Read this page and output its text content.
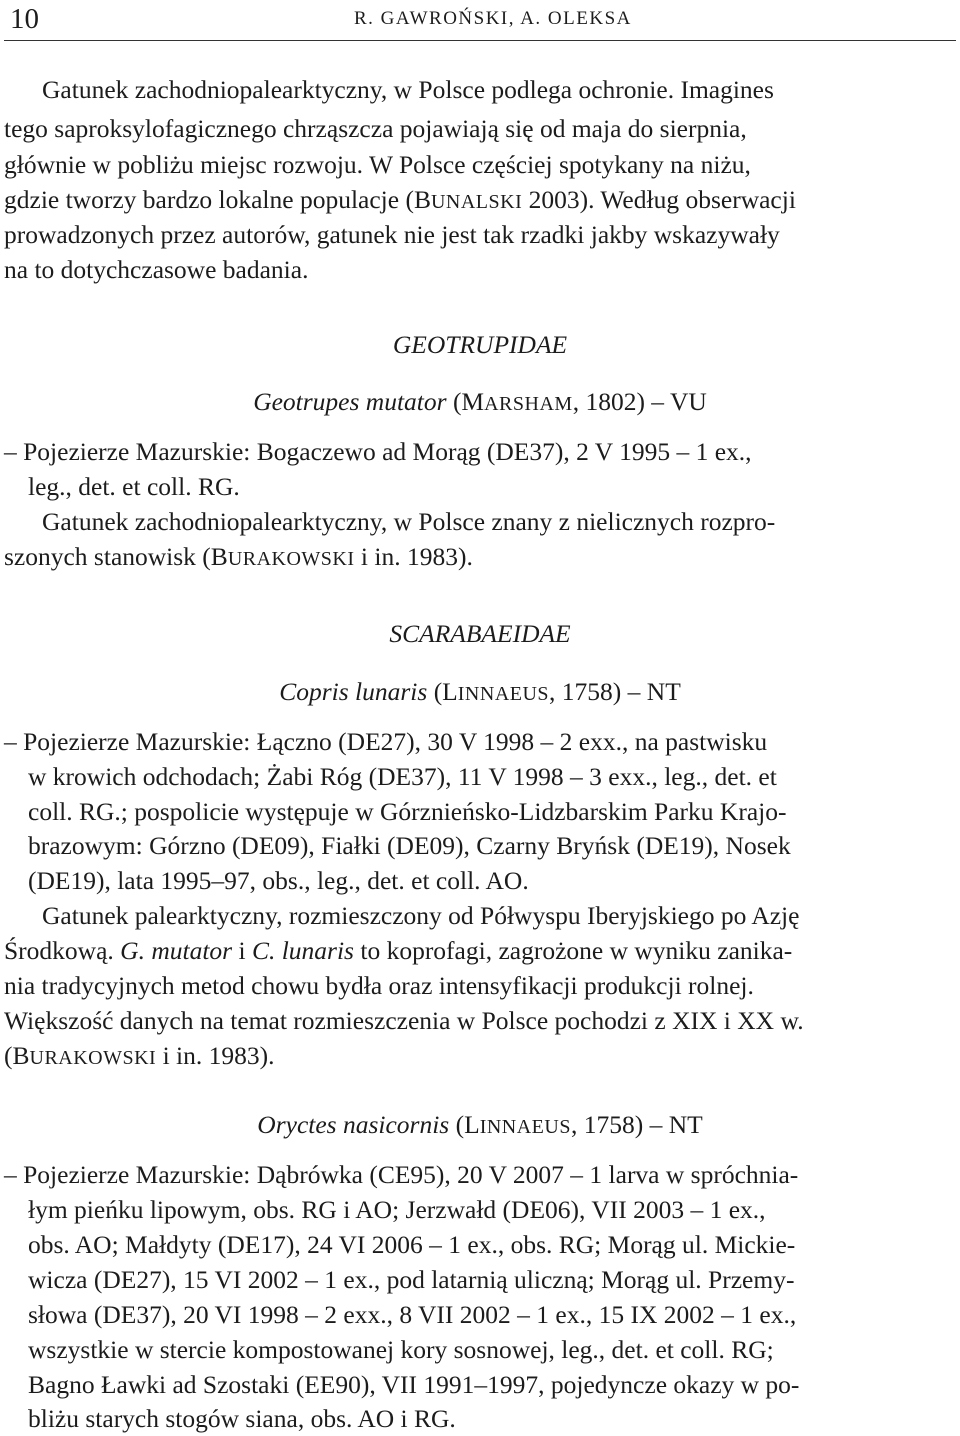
10	R. GAWROŃSKI, A. OLEKSA
Gatunek zachodniopalearktyczny, w Polsce podlega ochronie. Imagines
tego saproksylofagicznego chrząszcza pojawiają się od maja do sierpnia,
głównie w pobliżu miejsc rozwoju. W Polsce częściej spotykany na niżu,
gdzie tworzy bardzo lokalne populacje (BUNALSKI 2003). Według obserwacji
prowadzonych przez autorów, gatunek nie jest tak rzadki jakby wskazywały
na to dotychczasowe badania.
GEOTRUPIDAE
Geotrupes mutator (MARSHAM, 1802) – VU
– Pojezierze Mazurskie: Bogaczewo ad Morąg (DE37), 2 V 1995 – 1 ex.,
leg., det. et coll. RG.
Gatunek zachodniopalearktyczny, w Polsce znany z nielicznych rozpro-
szonych stanowisk (BURAKOWSKI i in. 1983).
SCARABAEIDAE
Copris lunaris (LINNAEUS, 1758) – NT
– Pojezierze Mazurskie: Łączno (DE27), 30 V 1998 – 2 exx., na pastwisku
w krowich odchodach; Żabi Róg (DE37), 11 V 1998 – 3 exx., leg., det. et
coll. RG.; pospolicie występuje w Górznieńsko-Lidzbarskim Parku Krajo-
brazowym: Górzno (DE09), Fiałki (DE09), Czarny Bryńsk (DE19), Nosek
(DE19), lata 1995–97, obs., leg., det. et coll. AO.
Gatunek palearktyczny, rozmieszczony od Półwyspu Iberyjskiego po Azję
Środkową. G. mutator i C. lunaris to koprofagi, zagrożone w wyniku zanika-
nia tradycyjnych metod chowu bydła oraz intensyfikacji produkcji rolnej.
Większość danych na temat rozmieszczenia w Polsce pochodzi z XIX i XX w.
(BURAKOWSKI i in. 1983).
Oryctes nasicornis (LINNAEUS, 1758) – NT
– Pojezierze Mazurskie: Dąbrówka (CE95), 20 V 2007 – 1 larva w spróchnia-
łym pieńku lipowym, obs. RG i AO; Jerzwałd (DE06), VII 2003 – 1 ex.,
obs. AO; Małdyty (DE17), 24 VI 2006 – 1 ex., obs. RG; Morąg ul. Mickie-
wicza (DE27), 15 VI 2002 – 1 ex., pod latarnią uliczną; Morąg ul. Przemy-
słowa (DE37), 20 VI 1998 – 2 exx., 8 VII 2002 – 1 ex., 15 IX 2002 – 1 ex.,
wszystkie w stercie kompostowanej kory sosnowej, leg., det. et coll. RG;
Bagno Ławki ad Szostaki (EE90), VII 1991–1997, pojedyncze okazy w po-
bliżu starych stogów siana, obs. AO i RG.
